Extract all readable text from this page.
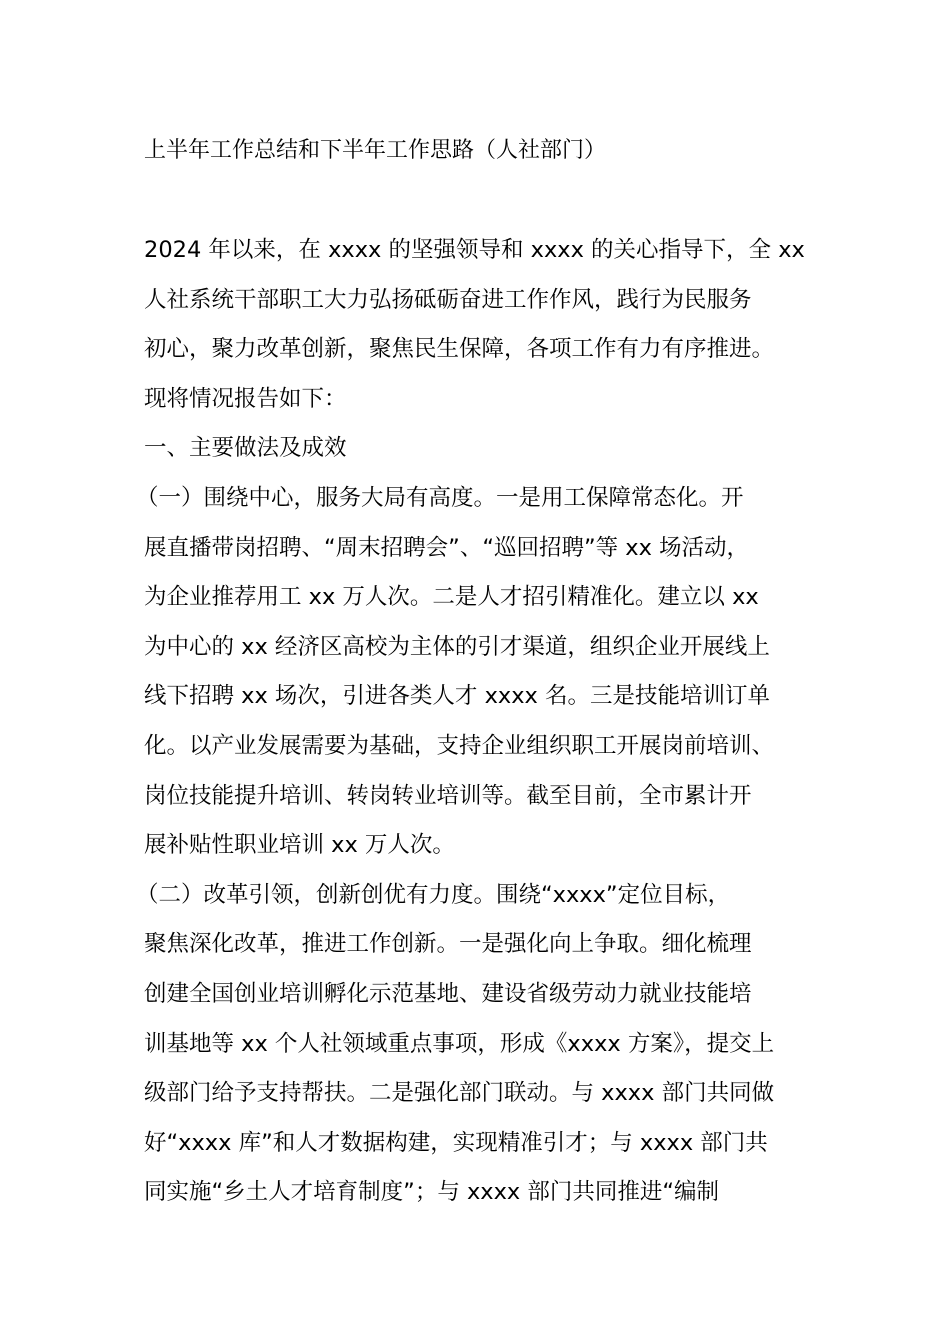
上半年工作总结和下半年工作思路（人社部门）
2024 年以来，在 xxxx 的坚强领导和 xxxx 的关心指导下，全 xx
人社系统干部职工大力弘扬砥砺奋进工作作风，践行为民服务
初心，聚力改革创新，聚焦民生保障，各项工作有力有序推进。
现将情况报告如下：
一、主要做法及成效
（一）围绕中心，服务大局有高度。一是用工保障常态化。开
展直播带岗招聘、“周末招聘会”、“巡回招聘”等 xx 场活动，
为企业推荐用工 xx 万人次。二是人才招引精准化。建立以 xx
为中心的 xx 经济区高校为主体的引才渠道，组织企业开展线上
线下招聘 xx 场次，引进各类人才 xxxx 名。三是技能培训订单
化。以产业发展需要为基础，支持企业组织职工开展岗前培训、
岗位技能提升培训、转岗转业培训等。截至目前，全市累计开
展补贴性职业培训 xx 万人次。
（二）改革引领，创新创优有力度。围绕“xxxx”定位目标，
聚焦深化改革，推进工作创新。一是强化向上争取。细化梳理
创建全国创业培训孵化示范基地、建设省级劳动力就业技能培
训基地等 xx 个人社领域重点事项，形成《xxxx 方案》，提交上
级部门给予支持帮扶。二是强化部门联动。与 xxxx 部门共同做
好“xxxx 库”和人才数据构建，实现精准引才；与 xxxx 部门共
同实施“乡土人才培育制度”；与 xxxx 部门共同推进“编制
